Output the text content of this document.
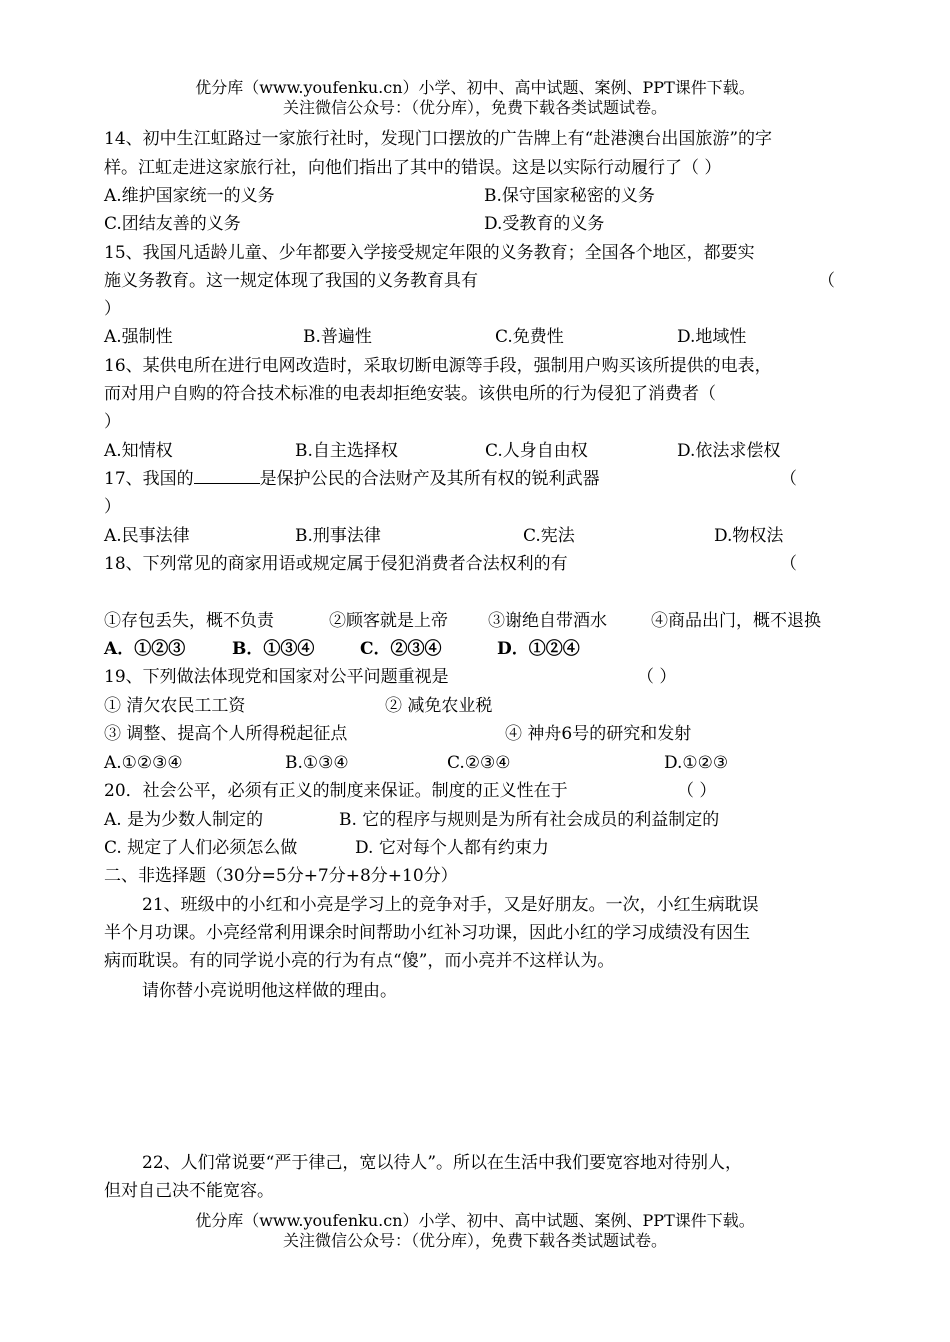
优分库（www.youfenku.cn）小学、初中、高中试题、案例、PPT课件下载。
关注微信公众号：（优分库），免费下载各类试题试卷。
14、初中生江虹路过一家旅行社时，发现门口摆放的广告牌上有“赴港澳台出国旅游”的字
样。江虹走进这家旅行社，向他们指出了其中的错误。这是以实际行动履行了（ ）
A.维护国家统一的义务	B.保守国家秘密的义务
C.团结友善的义务	D.受教育的义务
15、我国凡适龄儿童、少年都要入学接受规定年限的义务教育；全国各个地区，都要实
施义务教育。这一规定体现了我国的义务教育具有	（
）
A.强制性	B.普遍性	C.免费性	D.地域性
16、某供电所在进行电网改造时，采取切断电源等手段，强制用户购买该所提供的电表，
而对用户自购的符合技术标准的电表却拒绝安装。该供电所的行为侵犯了消费者（
）
A.知情权	B.自主选择权	C.人身自由权	D.依法求偿权
17、我国的	是保护公民的合法财产及其所有权的锐利武器	（
）
A.民事法律	B.刑事法律	C.宪法	D.物权法
18、下列常见的商家用语或规定属于侵犯消费者合法权利的有	（
①存包丢失，概不负责	②顾客就是上帝 ③谢绝自带酒水	④商品出门，概不退换
A．①②③	B．①③④	C．②③④	D．①②④
19、下列做法体现党和国家对公平问题重视是	（ ）
① 清欠农民工工资	② 减免农业税
③ 调整、提高个人所得税起征点	④ 神舟6号的研究和发射
A.①②③④	B.①③④	C.②③④	D.①②③
20．社会公平，必须有正义的制度来保证。制度的正义性在于	（ ）
A. 是为少数人制定的	B. 它的程序与规则是为所有社会成员的利益制定的
C. 规定了人们必须怎么做	D. 它对每个人都有约束力
二、非选择题（30分=5分+7分+8分+10分）
21、班级中的小红和小亮是学习上的竞争对手，又是好朋友。一次，小红生病耽误
半个月功课。小亮经常利用课余时间帮助小红补习功课，因此小红的学习成绩没有因生
病而耽误。有的同学说小亮的行为有点“傻”，而小亮并不这样认为。
请你替小亮说明他这样做的理由。
22、人们常说要“严于律己，宽以待人”。所以在生活中我们要宽容地对待别人，
但对自己决不能宽容。
优分库（www.youfenku.cn）小学、初中、高中试题、案例、PPT课件下载。
关注微信公众号：（优分库），免费下载各类试题试卷。
